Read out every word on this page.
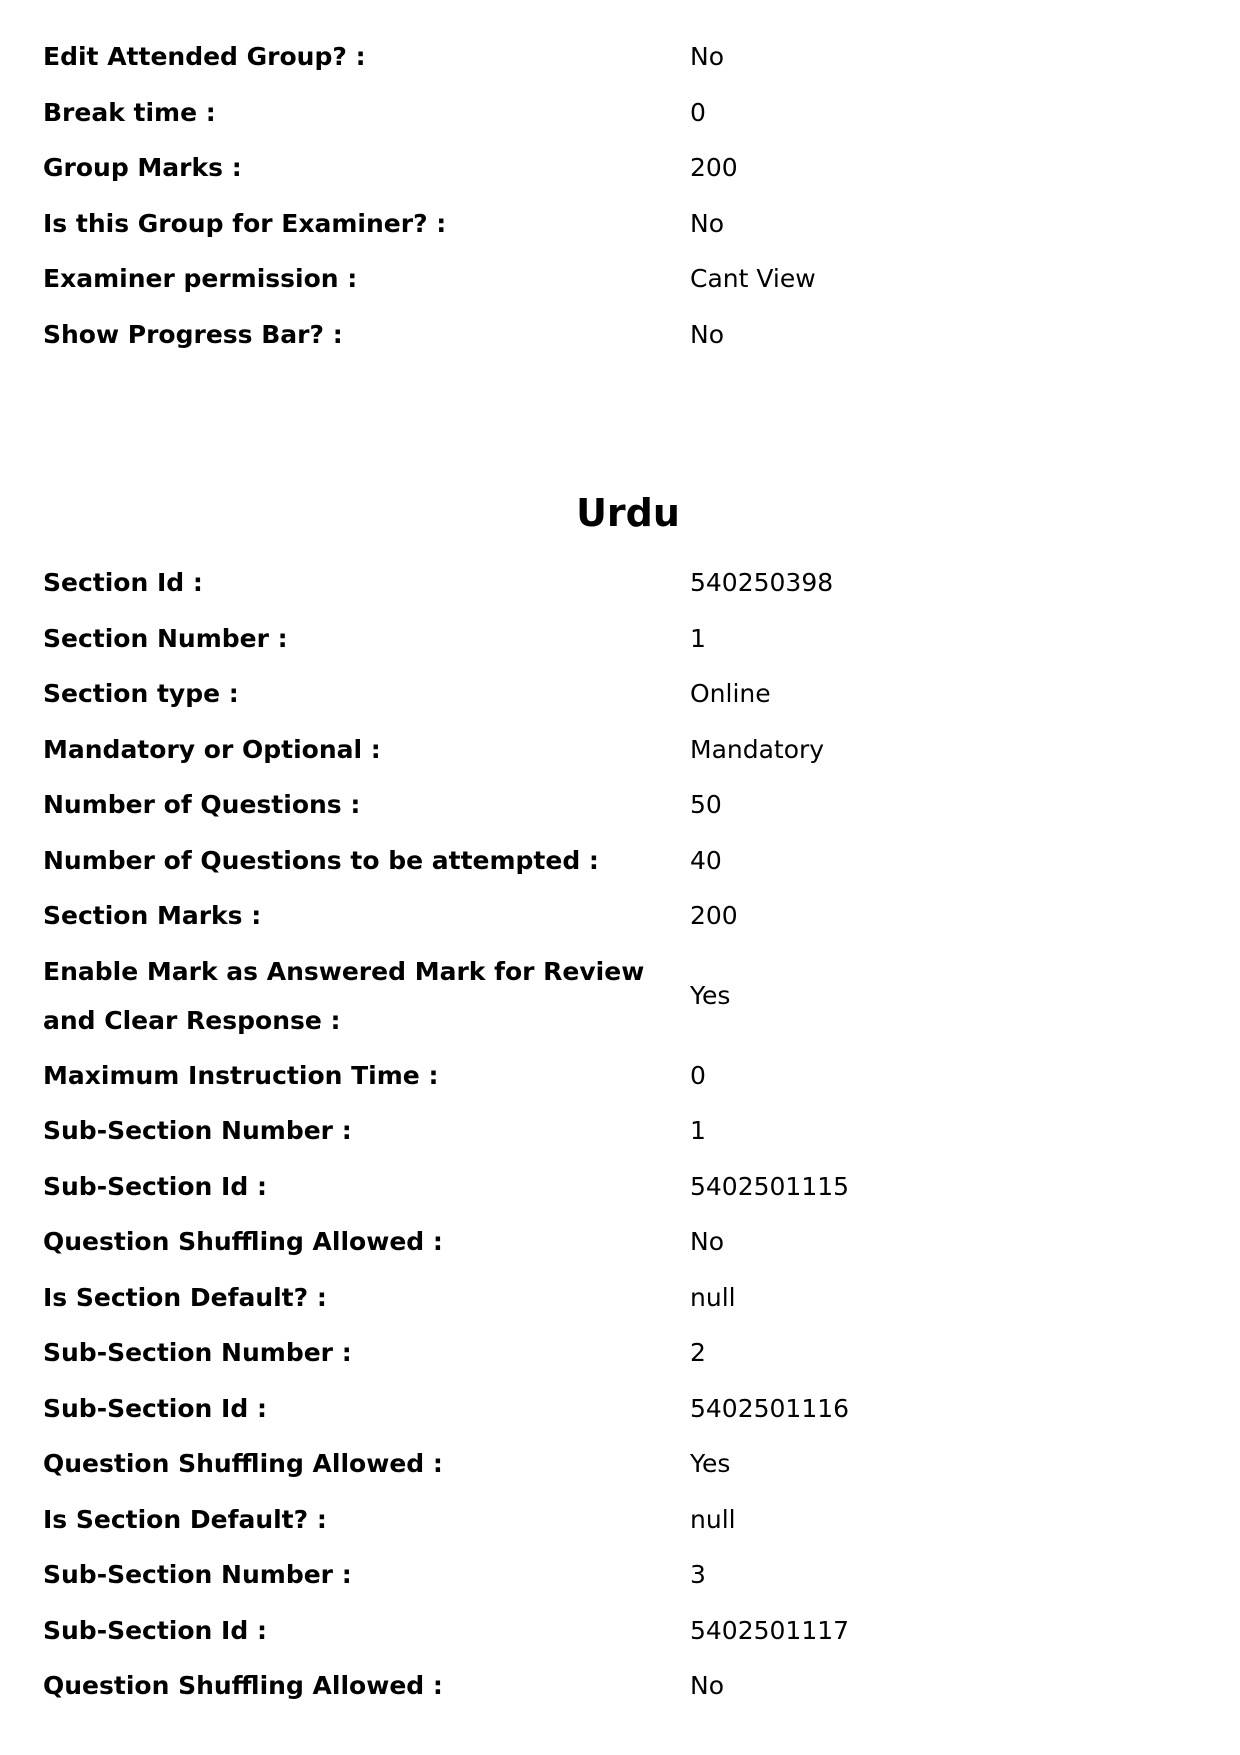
Edit Attended Group? :	No
Break time :	0
Group Marks :	200
Is this Group for Examiner? :	No
Examiner permission :	Cant View
Show Progress Bar? :	No
Urdu
Section Id :	540250398
Section Number :	1
Section type :	Online
Mandatory or Optional :	Mandatory
Number of Questions :	50
Number of Questions to be attempted :	40
Section Marks :	200
Enable Mark as Answered Mark for Review and Clear Response :	Yes
Maximum Instruction Time :	0
Sub-Section Number :	1
Sub-Section Id :	5402501115
Question Shuffling Allowed :	No
Is Section Default? :	null
Sub-Section Number :	2
Sub-Section Id :	5402501116
Question Shuffling Allowed :	Yes
Is Section Default? :	null
Sub-Section Number :	3
Sub-Section Id :	5402501117
Question Shuffling Allowed :	No
